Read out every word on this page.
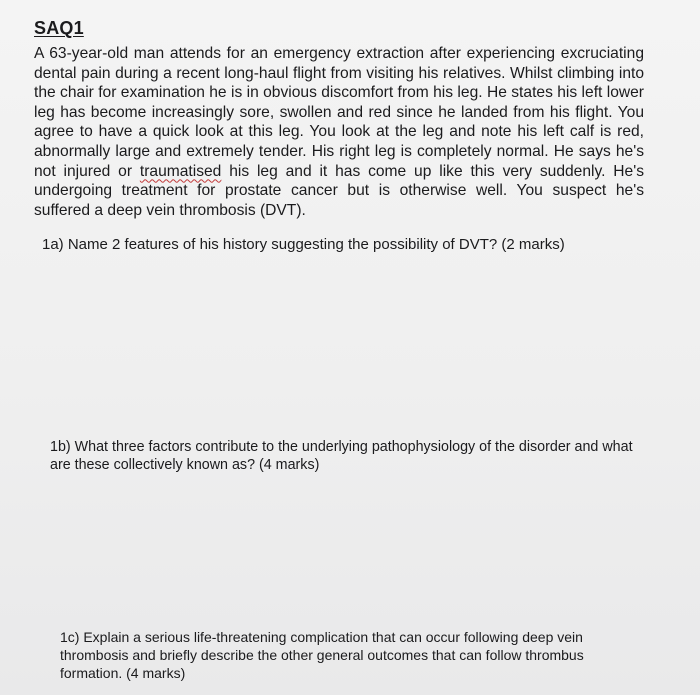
SAQ1
A 63-year-old man attends for an emergency extraction after experiencing excruciating dental pain during a recent long-haul flight from visiting his relatives. Whilst climbing into the chair for examination he is in obvious discomfort from his leg. He states his left lower leg has become increasingly sore, swollen and red since he landed from his flight. You agree to have a quick look at this leg. You look at the leg and note his left calf is red, abnormally large and extremely tender. His right leg is completely normal. He says he's not injured or traumatised his leg and it has come up like this very suddenly. He's undergoing treatment for prostate cancer but is otherwise well. You suspect he's suffered a deep vein thrombosis (DVT).
1a) Name 2 features of his history suggesting the possibility of DVT? (2 marks)
1b) What three factors contribute to the underlying pathophysiology of the disorder and what are these collectively known as? (4 marks)
1c) Explain a serious life-threatening complication that can occur following deep vein thrombosis and briefly describe the other general outcomes that can follow thrombus formation. (4 marks)
